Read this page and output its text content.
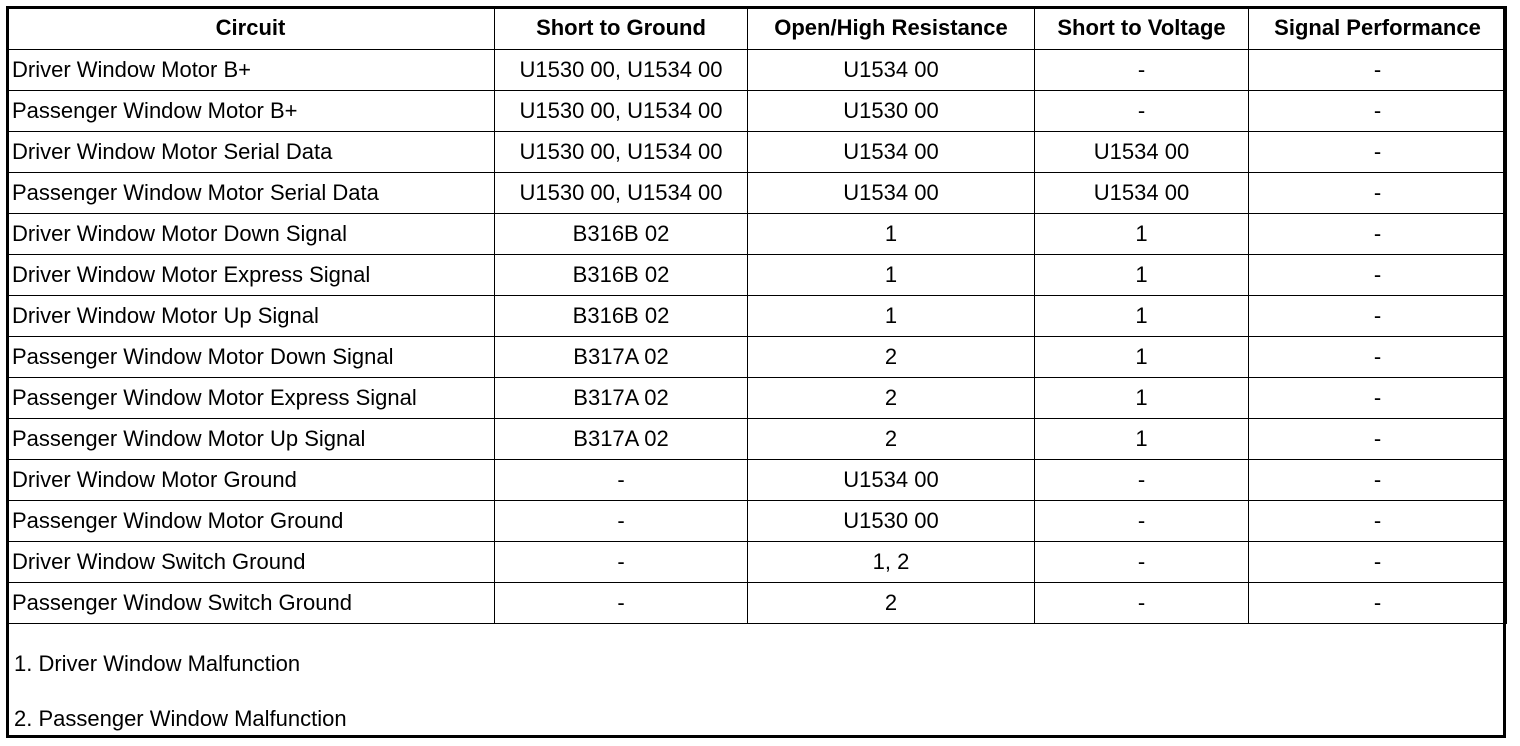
Circuit	Short to Ground	Open/High Resistance	Short to Voltage	Signal Performance
Driver Window Motor B+	U1530 00, U1534 00	U1534 00	-	-
Passenger Window Motor B+	U1530 00, U1534 00	U1530 00	-	-
Driver Window Motor Serial Data	U1530 00, U1534 00	U1534 00	U1534 00	-
Passenger Window Motor Serial Data	U1530 00, U1534 00	U1534 00	U1534 00	-
Driver Window Motor Down Signal	B316B 02	1	1	-
Driver Window Motor Express Signal	B316B 02	1	1	-
Driver Window Motor Up Signal	B316B 02	1	1	-
Passenger Window Motor Down Signal	B317A 02	2	1	-
Passenger Window Motor Express Signal	B317A 02	2	1	-
Passenger Window Motor Up Signal	B317A 02	2	1	-
Driver Window Motor Ground	-	U1534 00	-	-
Passenger Window Motor Ground	-	U1530 00	-	-
Driver Window Switch Ground	-	1, 2	-	-
Passenger Window Switch Ground	-	2	-	-
1. Driver Window Malfunction
2. Passenger Window Malfunction
